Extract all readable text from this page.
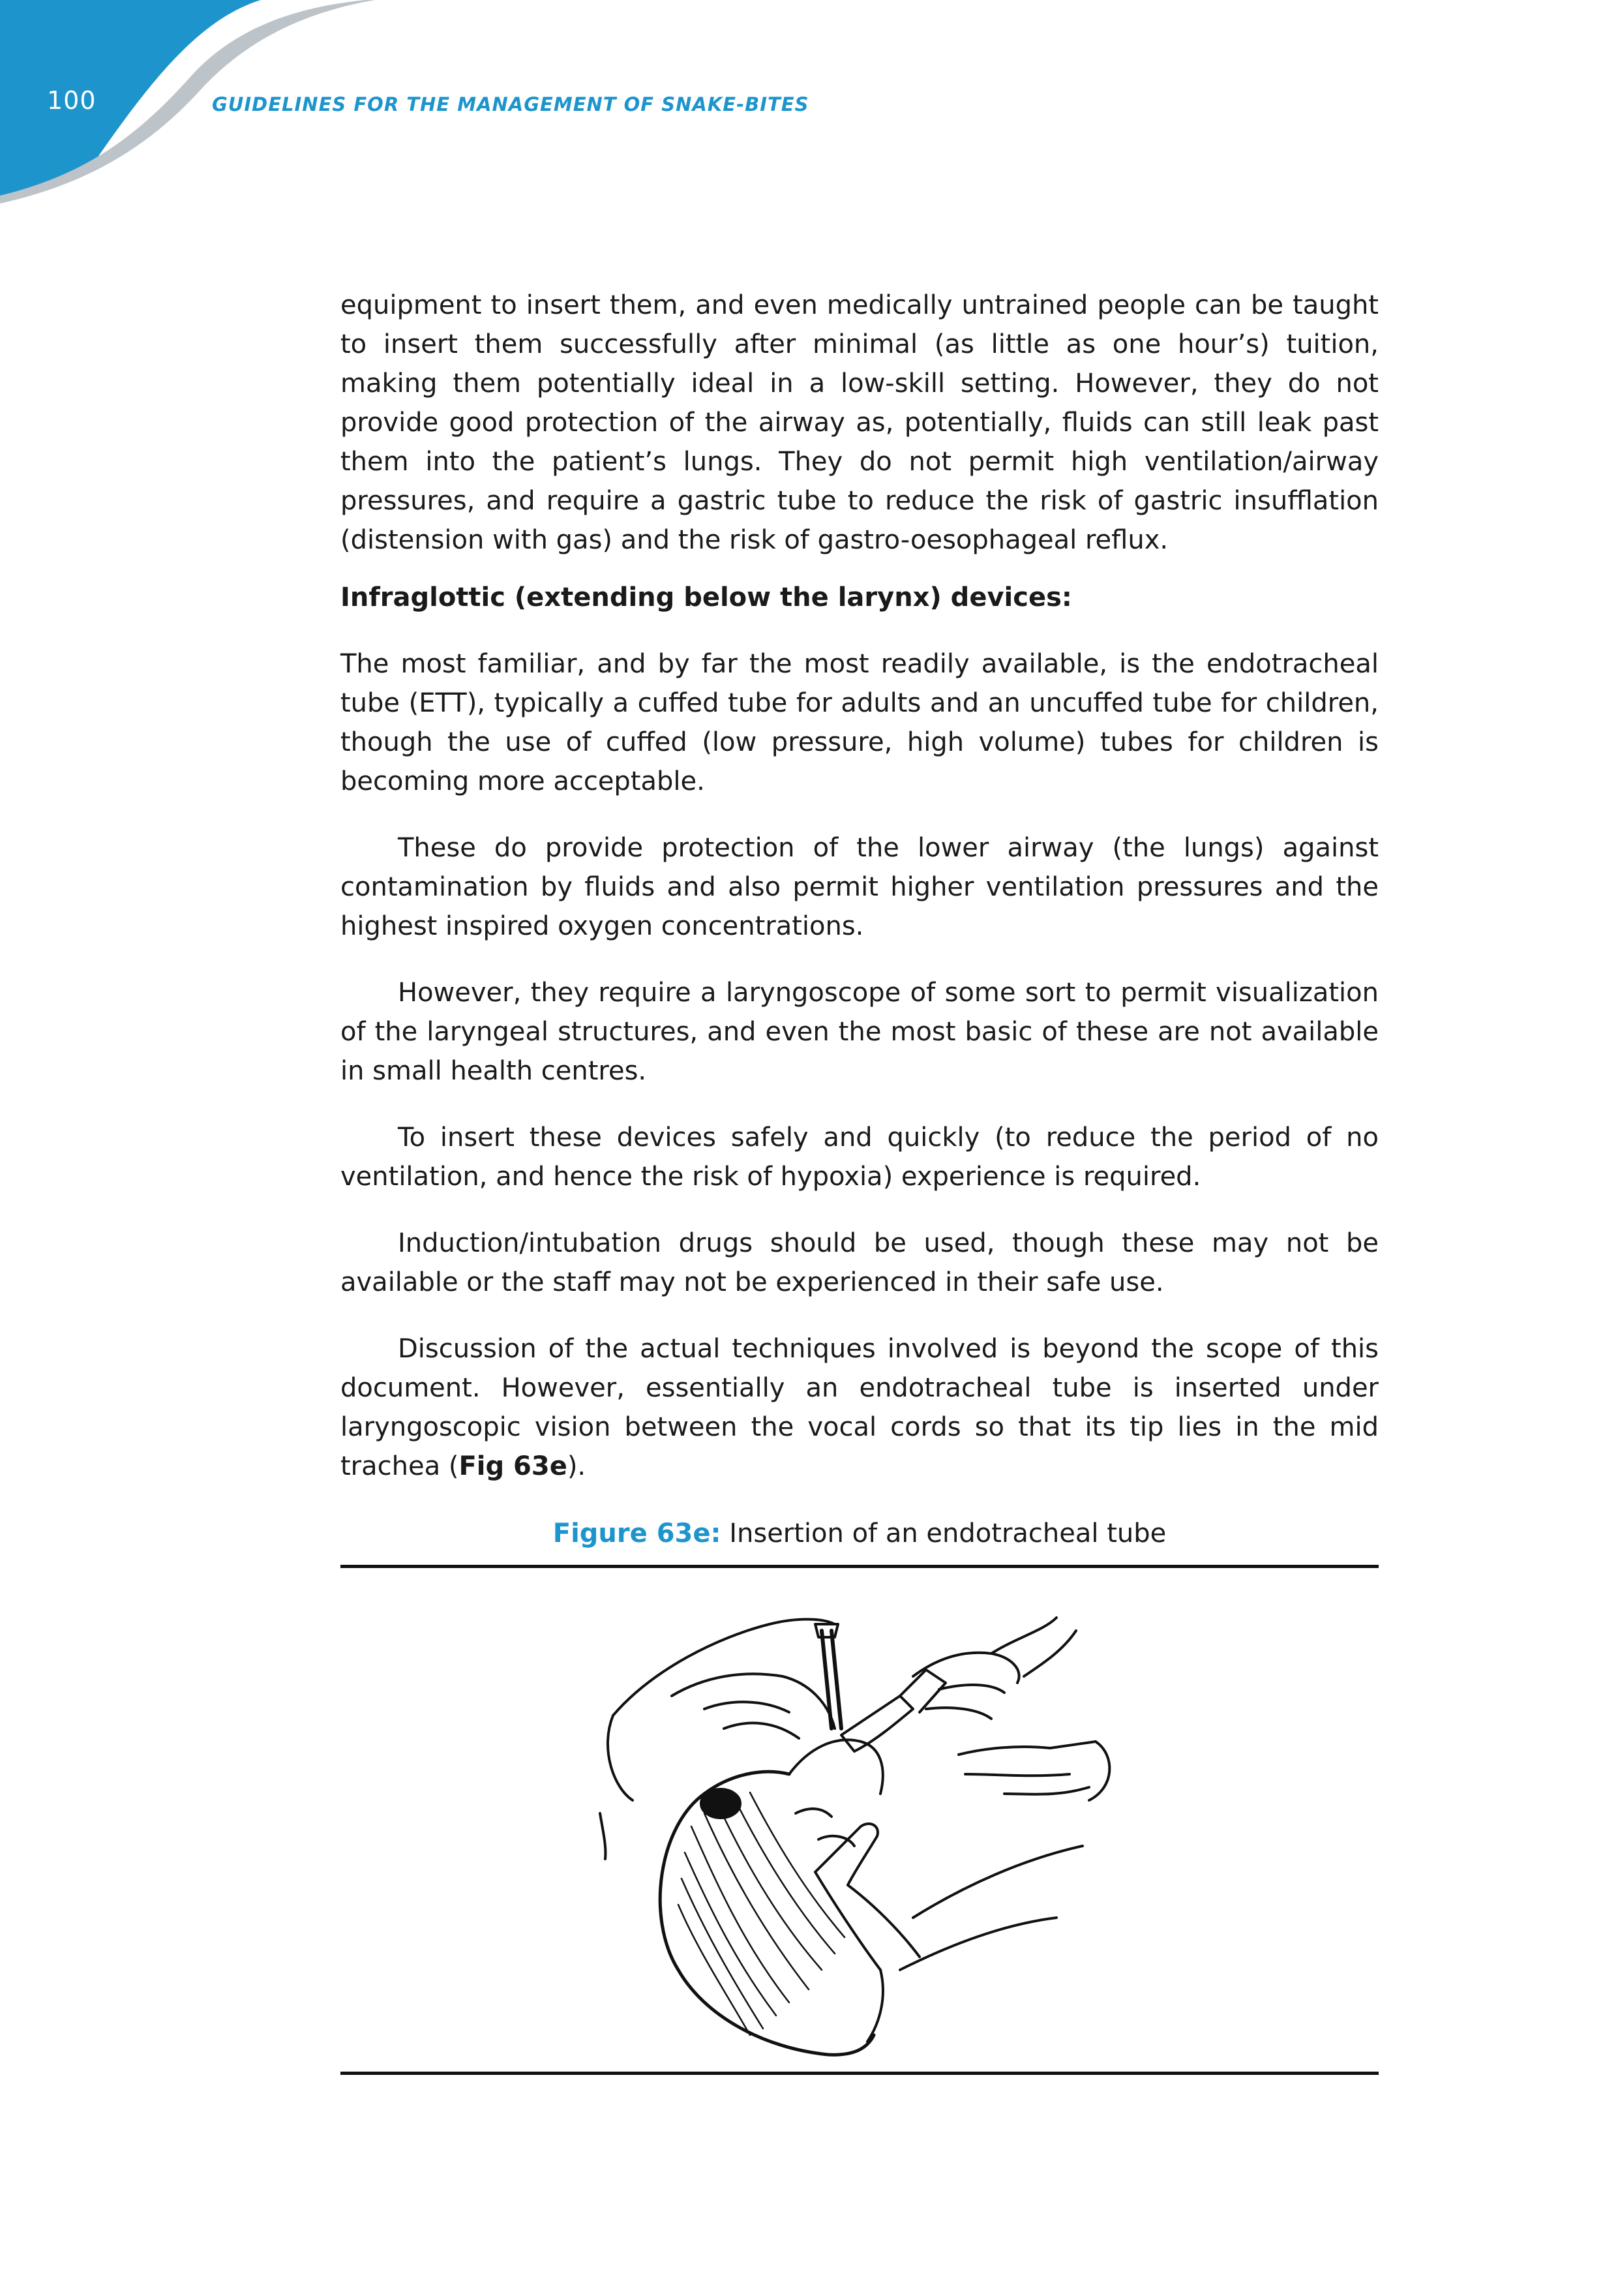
100	GUIDELINES FOR THE MANAGEMENT OF SNAKE-BITES

equipment to insert them, and even medically untrained people can be taught to insert them successfully after minimal (as little as one hour’s) tuition, making them potentially ideal in a low-skill setting. However, they do not provide good protection of the airway as, potentially, fluids can still leak past them into the patient’s lungs. They do not permit high ventilation/airway pressures, and require a gastric tube to reduce the risk of gastric insufflation (distension with gas) and the risk of gastro-oesophageal reflux.

Infraglottic (extending below the larynx) devices:

The most familiar, and by far the most readily available, is the endotracheal tube (ETT), typically a cuffed tube for adults and an uncuffed tube for children, though the use of cuffed (low pressure, high volume) tubes for children is becoming more acceptable.

These do provide protection of the lower airway (the lungs) against contamination by fluids and also permit higher ventilation pressures and the highest inspired oxygen concentrations.

However, they require a laryngoscope of some sort to permit visualization of the laryngeal structures, and even the most basic of these are not available in small health centres.

To insert these devices safely and quickly (to reduce the period of no ventilation, and hence the risk of hypoxia) experience is required.

Induction/intubation drugs should be used, though these may not be available or the staff may not be experienced in their safe use.

Discussion of the actual techniques involved is beyond the scope of this document. However, essentially an endotracheal tube is inserted under laryngoscopic vision between the vocal cords so that its tip lies in the mid trachea (Fig 63e).

Figure 63e: Insertion of an endotracheal tube
